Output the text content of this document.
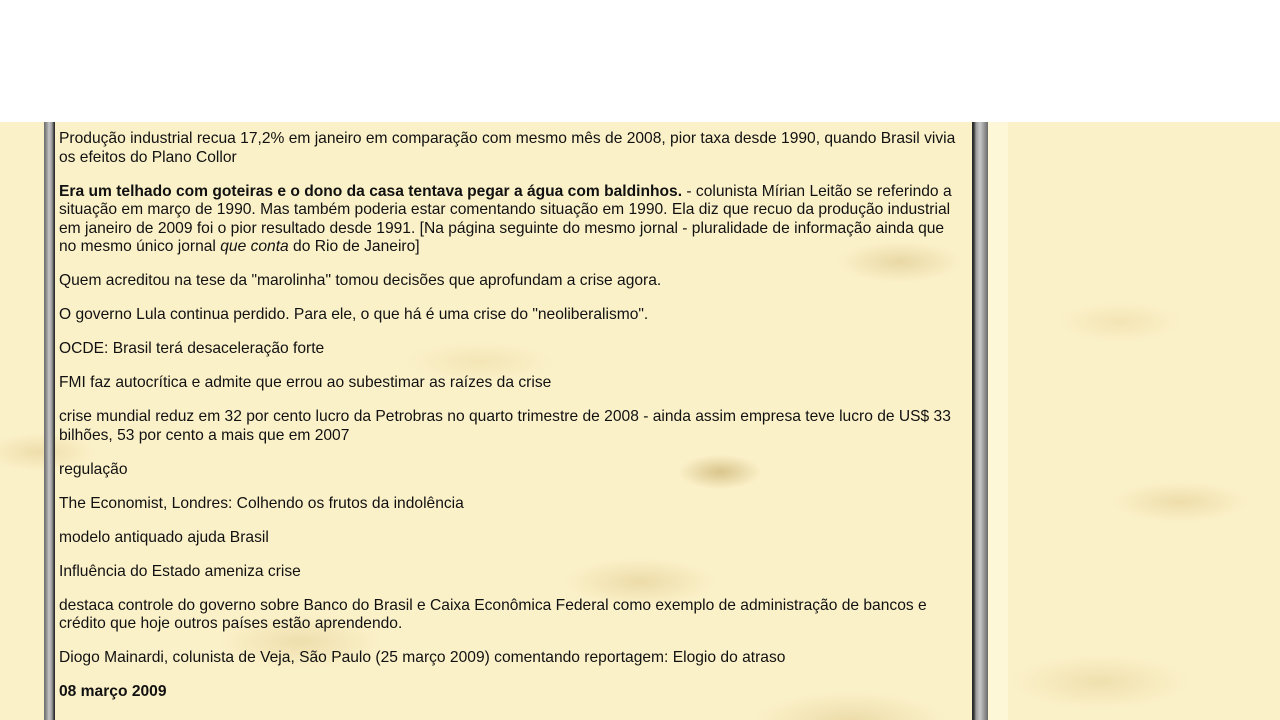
Produção industrial recua 17,2% em janeiro em comparação com mesmo mês de 2008, pior taxa desde 1990, quando Brasil vivia os efeitos do Plano Collor

Era um telhado com goteiras e o dono da casa tentava pegar a água com baldinhos. - colunista Mírian Leitão se referindo a situação em março de 1990. Mas também poderia estar comentando situação em 1990. Ela diz que recuo da produção industrial em janeiro de 2009 foi o pior resultado desde 1991. [Na página seguinte do mesmo jornal - pluralidade de informação ainda que no mesmo único jornal que conta do Rio de Janeiro]

Quem acreditou na tese da "marolinha" tomou decisões que aprofundam a crise agora.

O governo Lula continua perdido. Para ele, o que há é uma crise do "neoliberalismo".

OCDE: Brasil terá desaceleração forte

FMI faz autocrítica e admite que errou ao subestimar as raízes da crise

crise mundial reduz em 32 por cento lucro da Petrobras no quarto trimestre de 2008 - ainda assim empresa teve lucro de US$ 33 bilhões, 53 por cento a mais que em 2007

regulação

The Economist, Londres: Colhendo os frutos da indolência

modelo antiquado ajuda Brasil

Influência do Estado ameniza crise

destaca controle do governo sobre Banco do Brasil e Caixa Econômica Federal como exemplo de administração de bancos e crédito que hoje outros países estão aprendendo.

Diogo Mainardi, colunista de Veja, São Paulo (25 março 2009) comentando reportagem: Elogio do atraso

08 março 2009
